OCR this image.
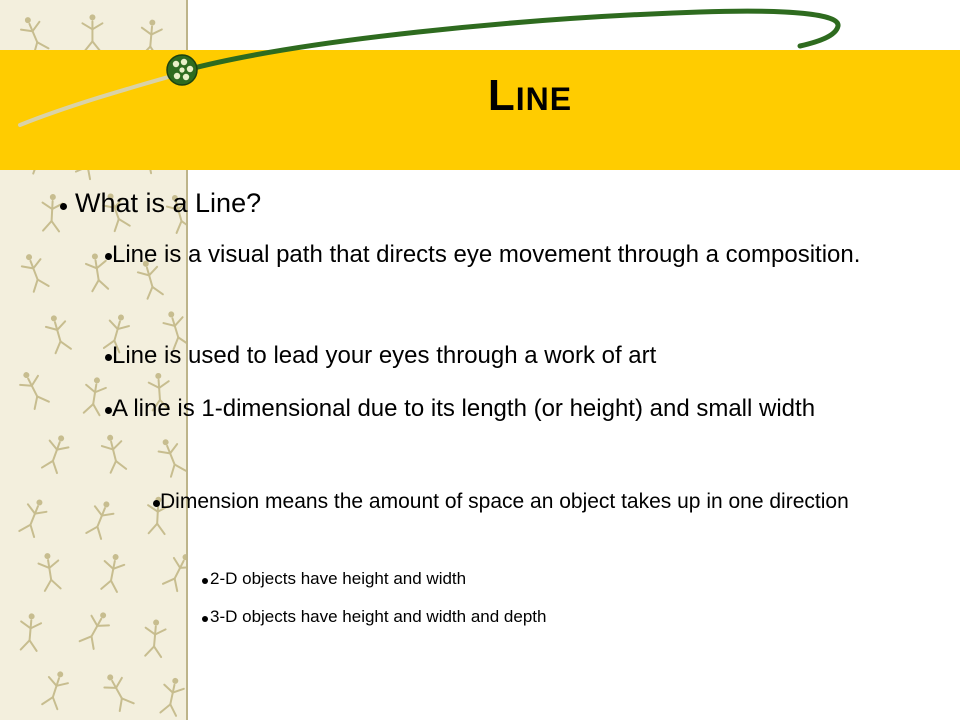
LINE
What is a Line?
Line is a visual path that directs eye movement through a composition.
Line is used to lead your eyes through a work of art
A line is 1-dimensional due to its length (or height) and small width
Dimension means the amount of space an object takes up in one direction
2-D objects have height and width
3-D objects have height and width and depth
